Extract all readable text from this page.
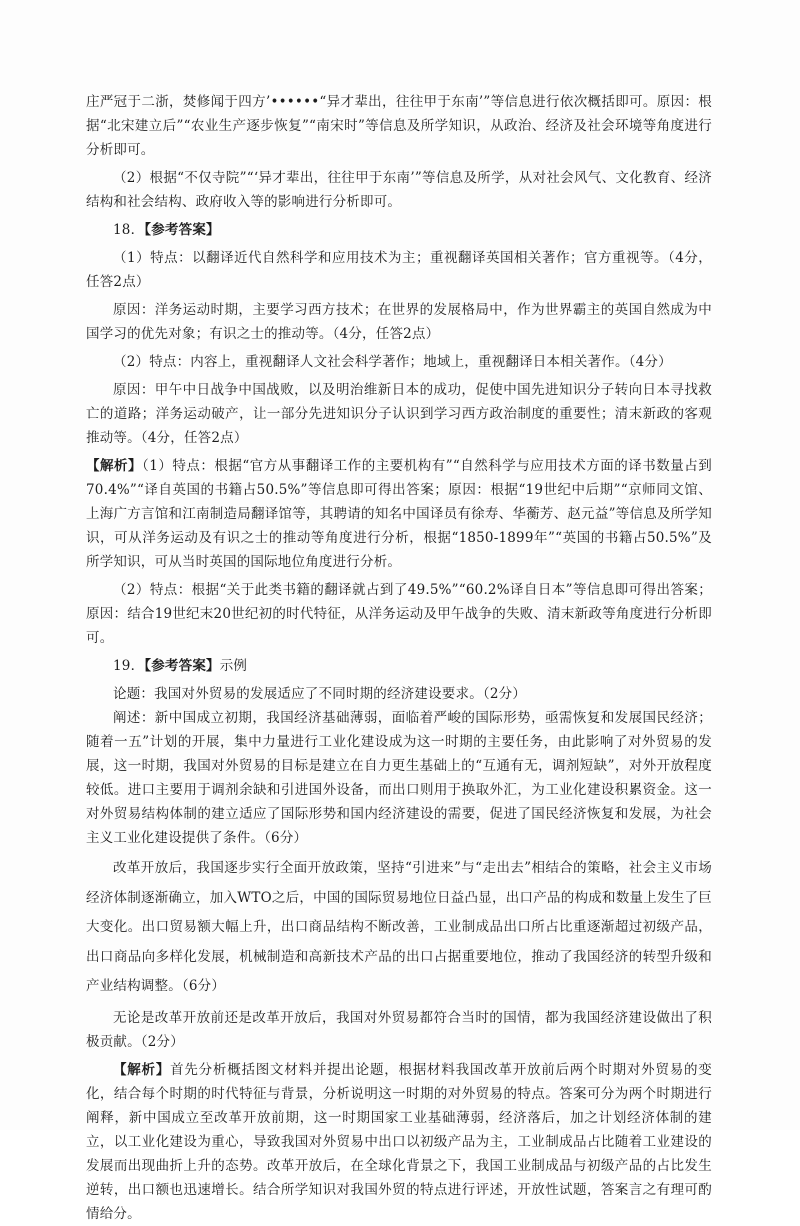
庄严冠于二浙，焚修闻于四方’••••••“异才辈出，往往甲于东南’”等信息进行依次概括即可。原因：根据“北宋建立后”“农业生产逐步恢复”“南宋时”等信息及所学知识，从政治、经济及社会环境等角度进行分析即可。

（2）根据“不仅寺院”“‘异才辈出，往往甲于东南’”等信息及所学，从对社会风气、文化教育、经济结构和社会结构、政府收入等的影响进行分析即可。

18．【参考答案】

（1）特点：以翻译近代自然科学和应用技术为主；重视翻译英国相关著作；官方重视等。（4分，任答2点）

原因：洋务运动时期，主要学习西方技术；在世界的发展格局中，作为世界霸主的英国自然成为中国学习的优先对象；有识之士的推动等。（4分，任答2点）

（2）特点：内容上，重视翻译人文社会科学著作；地域上，重视翻译日本相关著作。（4分）

原因：甲午中日战争中国战败，以及明治维新日本的成功，促使中国先进知识分子转向日本寻找救亡的道路；洋务运动破产，让一部分先进知识分子认识到学习西方政治制度的重要性；清末新政的客观推动等。（4分，任答2点）

【解析】（1）特点：根据“官方从事翻译工作的主要机构有”“自然科学与应用技术方面的译书数量占到70.4%”“译自英国的书籍占50.5%”等信息即可得出答案；原因：根据“19世纪中后期”“京师同文馆、上海广方言馆和江南制造局翻译馆等，其聘请的知名中国译员有徐寿、华蘅芳、赵元益”等信息及所学知识，可从洋务运动及有识之士的推动等角度进行分析，根据“1850-1899年”“英国的书籍占50.5%”及所学知识，可从当时英国的国际地位角度进行分析。

（2）特点：根据“关于此类书籍的翻译就占到了49.5%”“60.2%译自日本”等信息即可得出答案；原因：结合19世纪末20世纪初的时代特征，从洋务运动及甲午战争的失败、清末新政等角度进行分析即可。

19．【参考答案】示例

论题：我国对外贸易的发展适应了不同时期的经济建设要求。（2分）

阐述：新中国成立初期，我国经济基础薄弱，面临着严峻的国际形势，亟需恢复和发展国民经济；随着一五”计划的开展，集中力量进行工业化建设成为这一时期的主要任务，由此影响了对外贸易的发展，这一时期，我国对外贸易的目标是建立在自力更生基础上的“互通有无，调剂短缺”，对外开放程度较低。进口主要用于调剂余缺和引进国外设备，而出口则用于换取外汇，为工业化建设积累资金。这一对外贸易结构体制的建立适应了国际形势和国内经济建设的需要，促进了国民经济恢复和发展，为社会主义工业化建设提供了条件。（6分）

改革开放后，我国逐步实行全面开放政策，坚持“引进来”与“走出去”相结合的策略，社会主义市场经济体制逐渐确立，加入WTO之后，中国的国际贸易地位日益凸显，出口产品的构成和数量上发生了巨大变化。出口贸易额大幅上升，出口商品结构不断改善，工业制成品出口所占比重逐渐超过初级产品，出口商品向多样化发展，机械制造和高新技术产品的出口占据重要地位，推动了我国经济的转型升级和产业结构调整。（6分）

无论是改革开放前还是改革开放后，我国对外贸易都符合当时的国情，都为我国经济建设做出了积极贡献。（2分）

【解析】首先分析概括图文材料并提出论题，根据材料我国改革开放前后两个时期对外贸易的变化，结合每个时期的时代特征与背景，分析说明这一时期的对外贸易的特点。答案可分为两个时期进行阐释，新中国成立至改革开放前期，这一时期国家工业基础薄弱，经济落后，加之计划经济体制的建立，以工业化建设为重心，导致我国对外贸易中出口以初级产品为主，工业制成品占比随着工业建设的发展而出现曲折上升的态势。改革开放后，在全球化背景之下，我国工业制成品与初级产品的占比发生逆转，出口额也迅速增长。结合所学知识对我国外贸的特点进行评述，开放性试题，答案言之有理可酌情给分。
